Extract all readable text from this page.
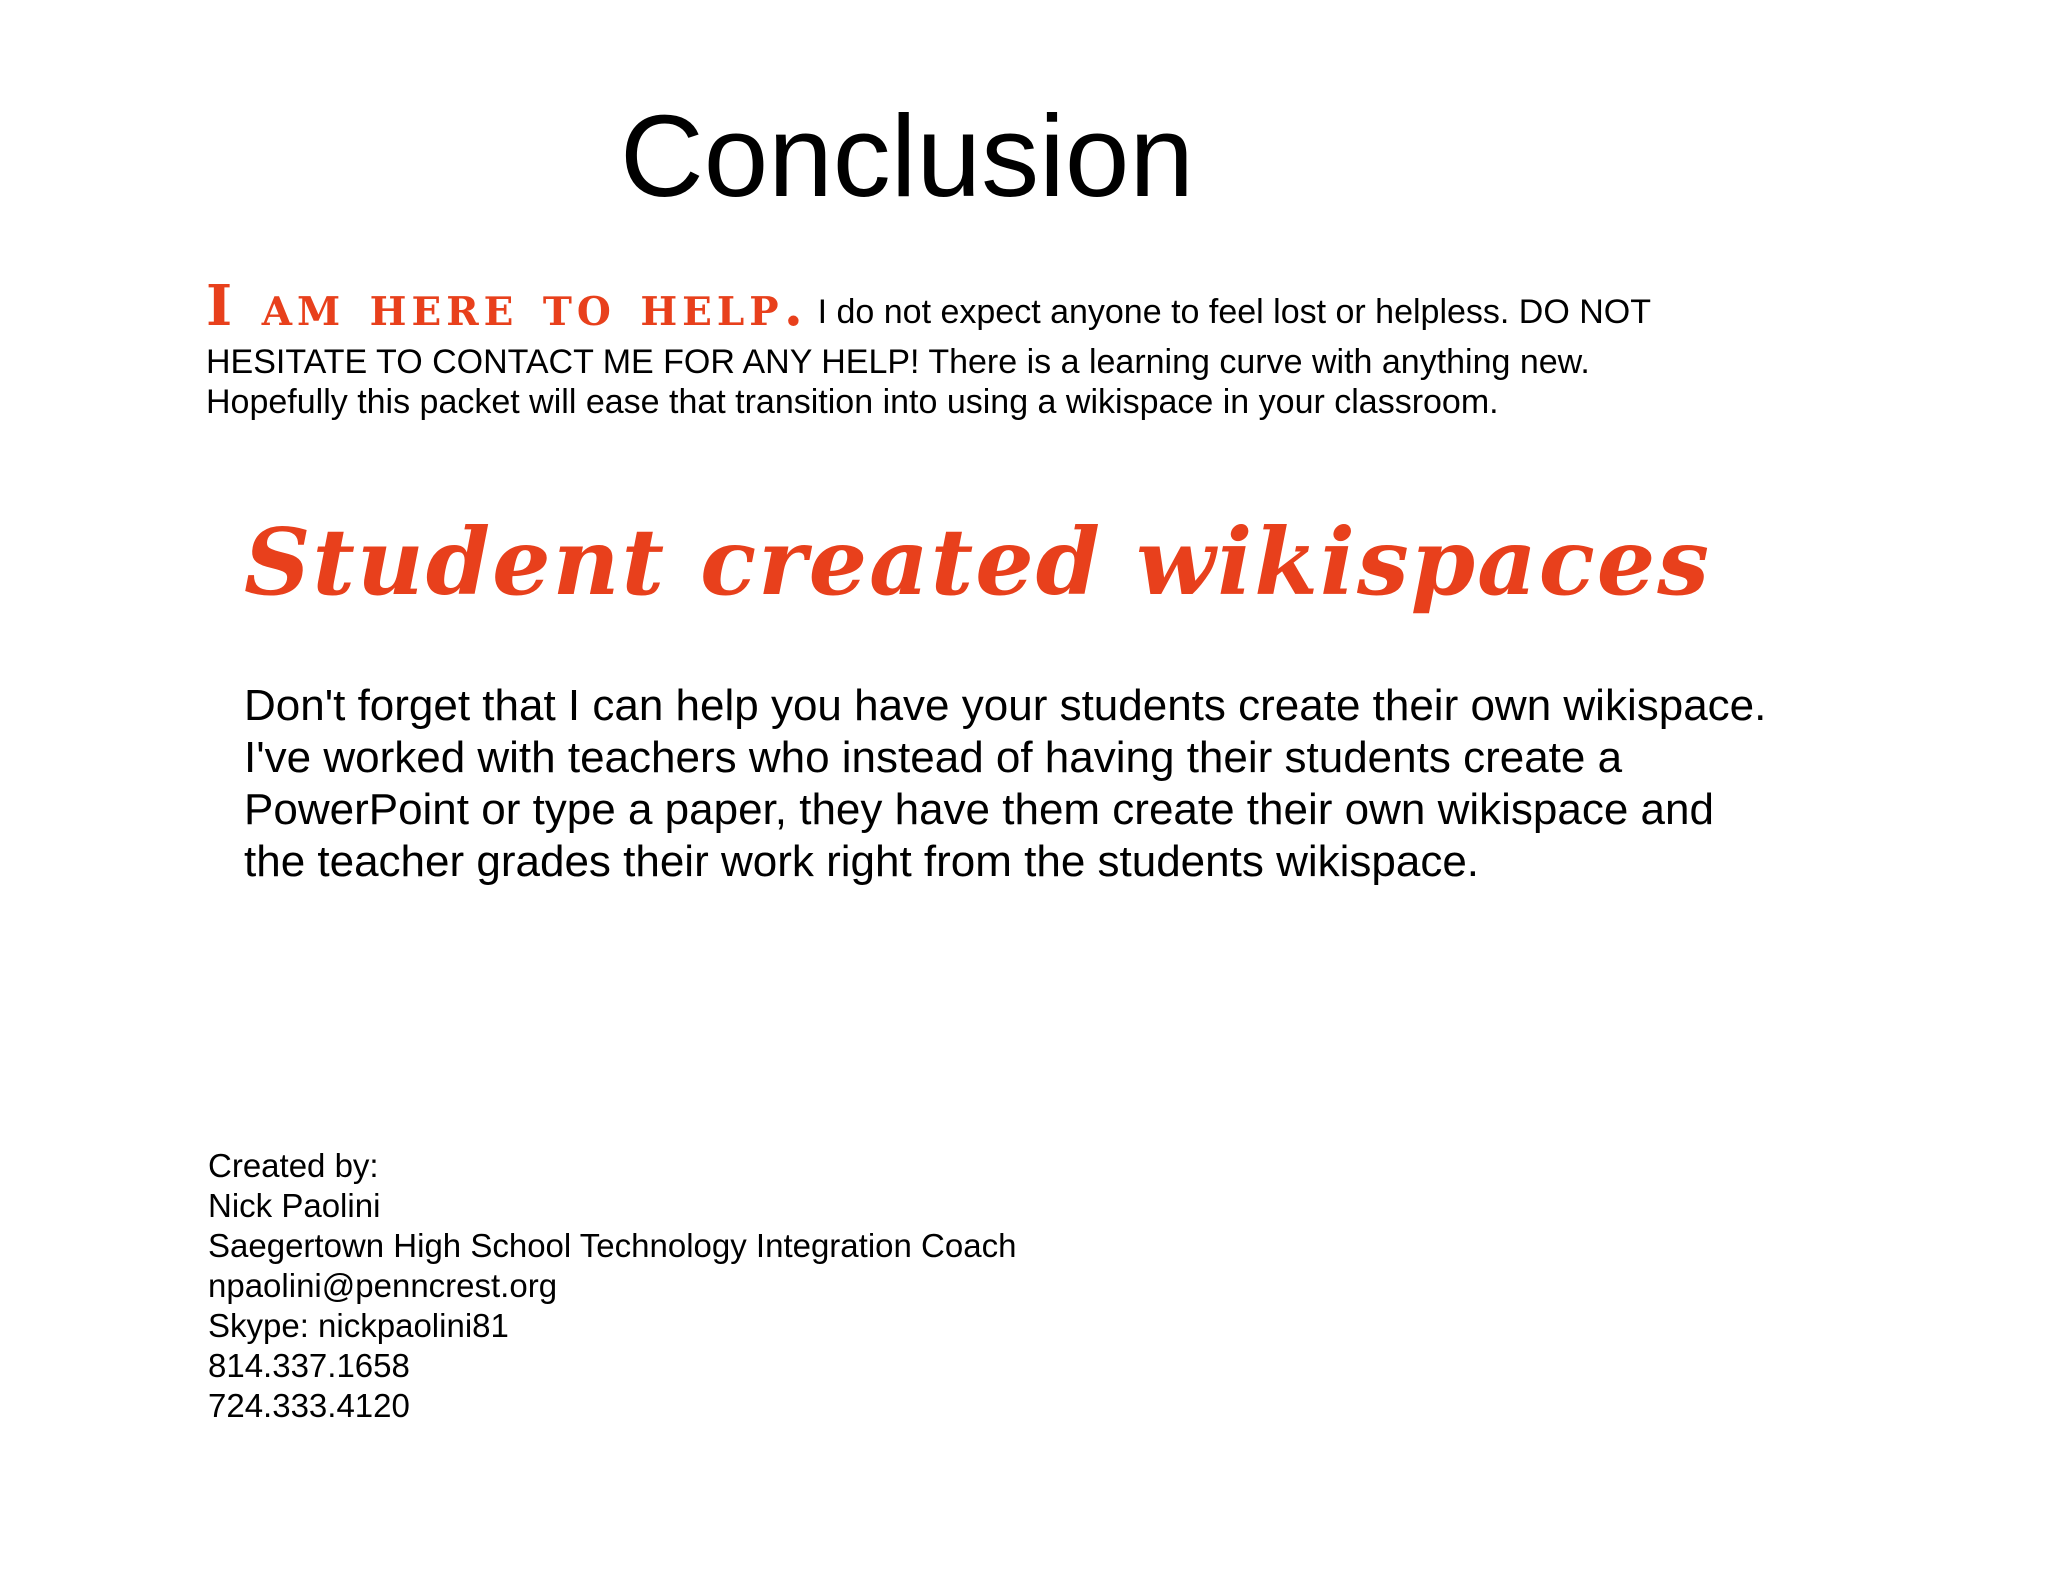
Conclusion
I am here to help. I do not expect anyone to feel lost or helpless. DO NOT
HESITATE TO CONTACT ME FOR ANY HELP! There is a learning curve with anything new.
Hopefully this packet will ease that transition into using a wikispace in your classroom.
Student created wikispaces
Don't forget that I can help you have your students create their own wikispace.
I've worked with teachers who instead of having their students create a
PowerPoint or type a paper, they have them create their own wikispace and
the teacher grades their work right from the students wikispace.
Created by:
Nick Paolini
Saegertown High School Technology Integration Coach
npaolini@penncrest.org
Skype: nickpaolini81
814.337.1658
724.333.4120
